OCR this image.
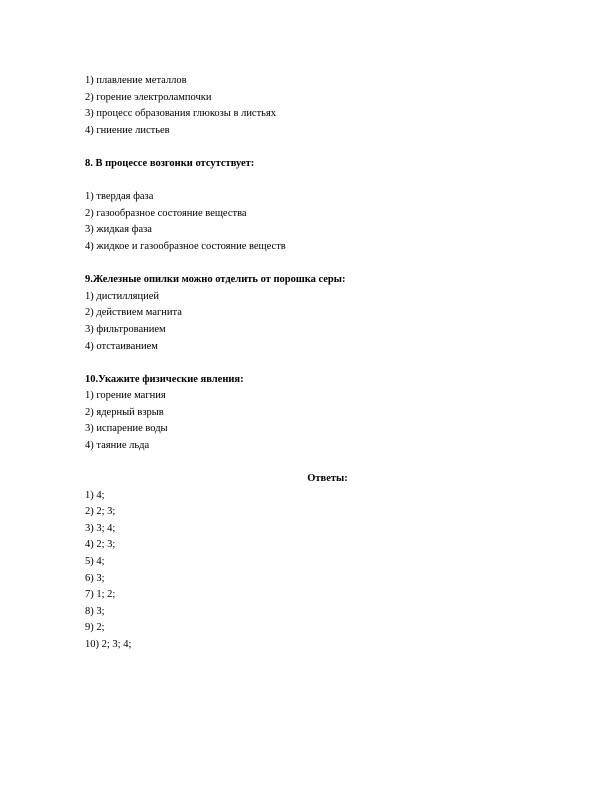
1) плавление металлов
2) горение электролампочки
3) процесс образования глюкозы в листьях
4) гниение листьев
8. В процессе возгонки отсутствует:
1) твердая фаза
2) газообразное состояние вещества
3) жидкая фаза
4) жидкое и газообразное состояние веществ
9.Железные опилки можно отделить от порошка серы:
1) дистилляцией
2) действием магнита
3) фильтрованием
4) отстаиванием
10.Укажите физические явления:
1) горение магния
2) ядерный взрыв
3) испарение воды
4) таяние льда
Ответы:
1) 4;
2) 2; 3;
3) 3; 4;
4) 2; 3;
5) 4;
6) 3;
7) 1; 2;
8) 3;
9) 2;
10) 2; 3; 4;
